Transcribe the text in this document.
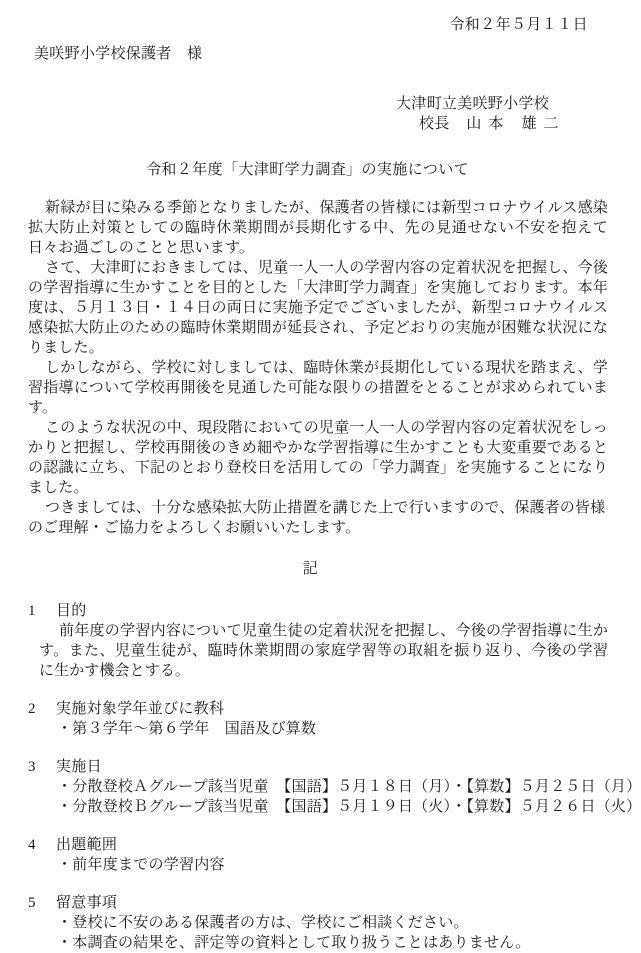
令和２年５月１１日
美咲野小学校保護者　様
大津町立美咲野小学校
校長　 山 本　雄 二
令和２年度「大津町学力調査」の実施について

新緑が目に染みる季節となりましたが、保護者の皆様には新型コロナウイルス感染拡大防止対策としての臨時休業期間が長期化する中、先の見通せない不安を抱えて日々お過ごしのことと思います。

さて、大津町におきましては、児童一人一人の学習内容の定着状況を把握し、今後の学習指導に生かすことを目的とした「大津町学力調査」を実施しております。本年度は、５月１３日・１４日の両日に実施予定でございましたが、新型コロナウイルス感染拡大防止のための臨時休業期間が延長され、予定どおりの実施が困難な状況になりました。

しかしながら、学校に対しましては、臨時休業が長期化している現状を踏まえ、学習指導について学校再開後を見通した可能な限りの措置をとることが求められています。

このような状況の中、現段階においての児童一人一人の学習内容の定着状況をしっかりと把握し、学校再開後のきめ細やかな学習指導に生かすことも大変重要であるとの認識に立ち、下記のとおり登校日を活用しての「学力調査」を実施することになりました。

つきましては、十分な感染拡大防止措置を講じた上で行いますので、保護者の皆様のご理解・ご協力をよろしくお願いいたします。

記
1 目的

前年度の学習内容について児童生徒の定着状況を把握し、今後の学習指導に生かす。また、児童生徒が、臨時休業期間の家庭学習等の取組を振り返り、今後の学習に生かす機会とする。

2 実施対象学年並びに教科

・第３学年～第６学年　国語及び算数

3 実施日

・分散登校Ａグループ該当児童　【国語】５月１８日（月）・【算数】５月２５日（月）

・分散登校Ｂグループ該当児童　【国語】５月１９日（火）・【算数】５月２６日（火）

4 出題範囲

・前年度までの学習内容

5 留意事項

・登校に不安のある保護者の方は、学校にご相談ください。

・本調査の結果を、評定等の資料として取り扱うことはありません。
